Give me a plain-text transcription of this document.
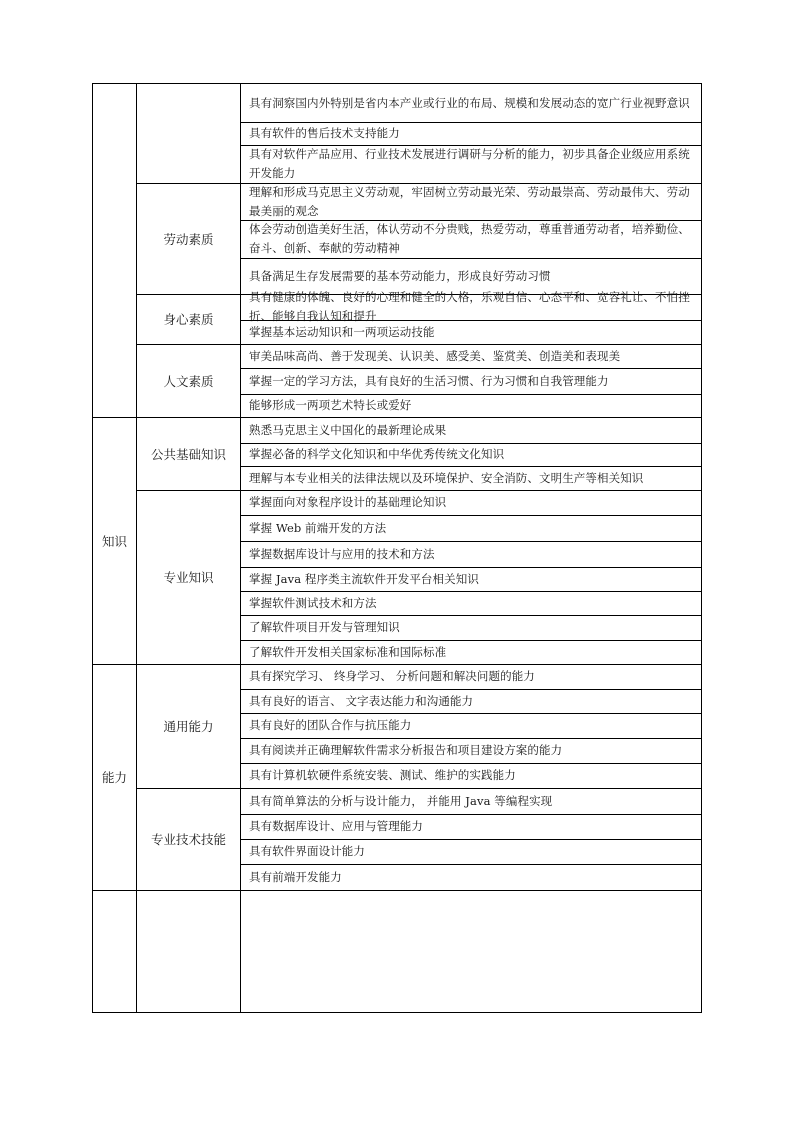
具有洞察国内外特别是省内本产业或行业的布局、规模和发展动态的宽广行业视野意识
具有软件的售后技术支持能力
具有对软件产品应用、行业技术发展进行调研与分析的能力，初步具备企业级应用系统开发能力
理解和形成马克思主义劳动观，牢固树立劳动最光荣、劳动最崇高、劳动最伟大、劳动最美丽的观念
体会劳动创造美好生活，体认劳动不分贵贱，热爱劳动，尊重普通劳动者，培养勤俭、奋斗、创新、奉献的劳动精神
具备满足生存发展需要的基本劳动能力，形成良好劳动习惯
劳动素质
具有健康的体魄、良好的心理和健全的人格，乐观自信、心态平和、宽容礼让、不怕挫折、能够自我认知和提升
掌握基本运动知识和一两项运动技能
身心素质
审美品味高尚、善于发现美、认识美、感受美、鉴赏美、创造美和表现美
掌握一定的学习方法，具有良好的生活习惯、行为习惯和自我管理能力
能够形成一两项艺术特长或爱好
人文素质
熟悉马克思主义中国化的最新理论成果
掌握必备的科学文化知识和中华优秀传统文化知识
理解与本专业相关的法律法规以及环境保护、安全消防、文明生产等相关知识
公共基础知识
掌握面向对象程序设计的基础理论知识
掌握 Web 前端开发的方法
掌握数据库设计与应用的技术和方法
掌握 Java 程序类主流软件开发平台相关知识
掌握软件测试技术和方法
了解软件项目开发与管理知识
了解软件开发相关国家标准和国际标准
专业知识
知识
具有探究学习、 终身学习、 分析问题和解决问题的能力
具有良好的语言、 文字表达能力和沟通能力
具有良好的团队合作与抗压能力
具有阅读并正确理解软件需求分析报告和项目建设方案的能力
具有计算机软硬件系统安装、测试、维护的实践能力
通用能力
具有简单算法的分析与设计能力， 并能用 Java 等编程实现
具有数据库设计、应用与管理能力
具有软件界面设计能力
具有前端开发能力
专业技术技能
能力
